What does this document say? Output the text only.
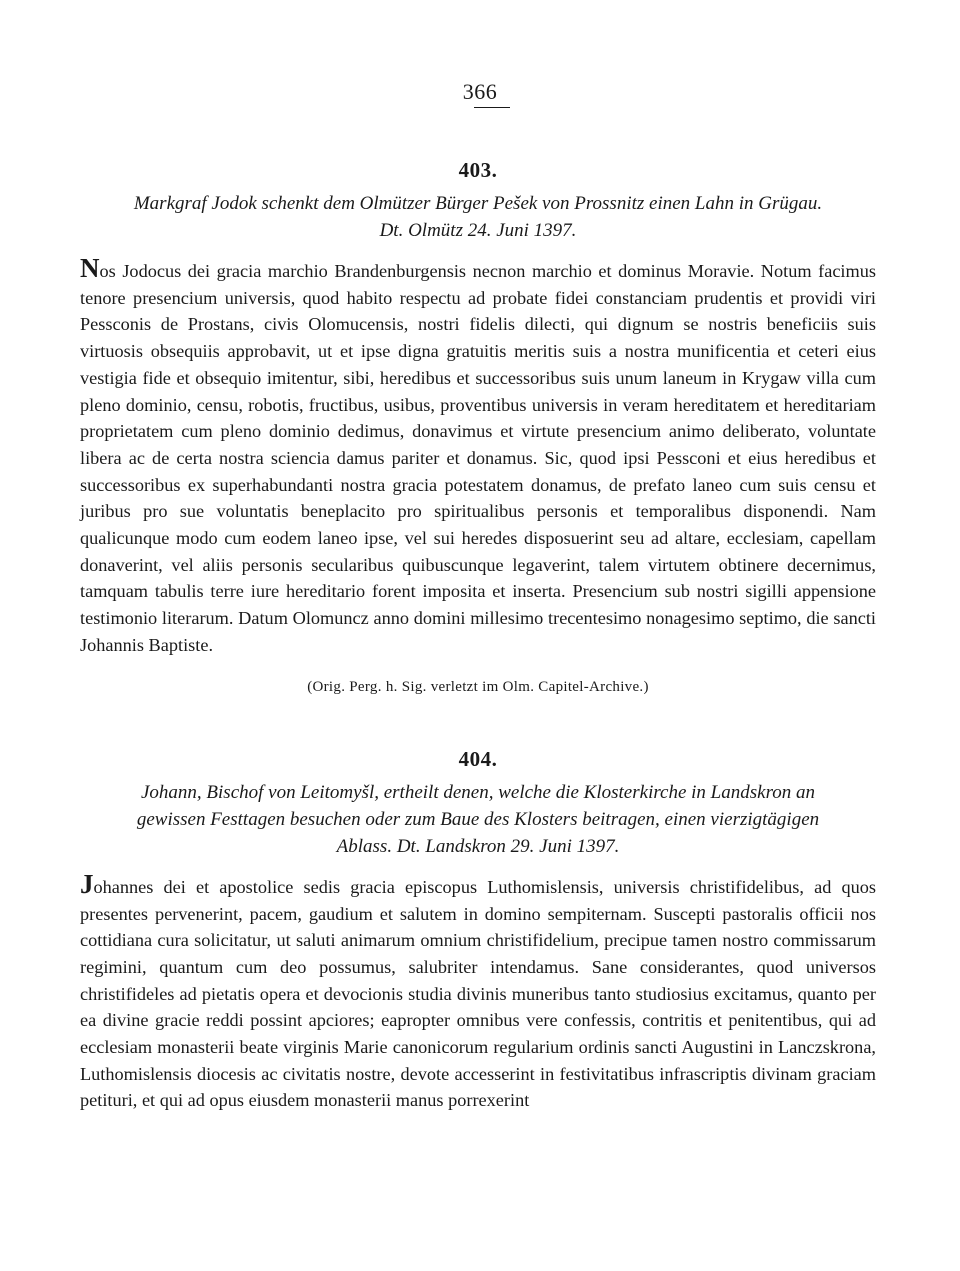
366
403.
Markgraf Jodok schenkt dem Olmützer Bürger Pešek von Prossnitz einen Lahn in Grügau.
Dt. Olmütz 24. Juni 1397.

Nos Jodocus dei gracia marchio Brandenburgensis necnon marchio et dominus Moravie. Notum facimus tenore presencium universis, quod habito respectu ad probate fidei constanciam prudentis et providi viri Pessconis de Prostans, civis Olomucensis, nostri fidelis dilecti, qui dignum se nostris beneficiis suis virtuosis obsequiis approbavit, ut et ipse digna gratuitis meritis suis a nostra munificentia et ceteri eius vestigia fide et obsequio imitentur, sibi, heredibus et successoribus suis unum laneum in Krygaw villa cum pleno dominio, censu, robotis, fructibus, usibus, proventibus universis in veram hereditatem et hereditariam proprietatem cum pleno dominio dedimus, donavimus et virtute presencium animo deliberato, voluntate libera ac de certa nostra sciencia damus pariter et donamus. Sic, quod ipsi Pessconi et eius heredibus et successoribus ex superhabundanti nostra gracia potestatem donamus, de prefato laneo cum suis censu et juribus pro sue voluntatis beneplacito pro spiritualibus personis et temporalibus disponendi. Nam qualicunque modo cum eodem laneo ipse, vel sui heredes disposuerint seu ad altare, ecclesiam, capellam donaverint, vel aliis personis secularibus quibuscunque legaverint, talem virtutem obtinere decernimus, tamquam tabulis terre iure hereditario forent imposita et inserta. Presencium sub nostri sigilli appensione testimonio literarum. Datum Olomuncz anno domini millesimo trecentesimo nonagesimo septimo, die sancti Johannis Baptiste.

(Orig. Perg. h. Sig. verletzt im Olm. Capitel-Archive.)
404.
Johann, Bischof von Leitomyšl, ertheilt denen, welche die Klosterkirche in Landskron an
gewissen Festtagen besuchen oder zum Baue des Klosters beitragen, einen vierzigtägigen
Ablass. Dt. Landskron 29. Juni 1397.

Johannes dei et apostolice sedis gracia episcopus Luthomislensis, universis christifidelibus, ad quos presentes pervenerint, pacem, gaudium et salutem in domino sempiternam. Suscepti pastoralis officii nos cottidiana cura solicitatur, ut saluti animarum omnium christifidelium, precipue tamen nostro commissarum regimini, quantum cum deo possumus, salubriter intendamus. Sane considerantes, quod universos christifideles ad pietatis opera et devocionis studia divinis muneribus tanto studiosius excitamus, quanto per ea divine gracie reddi possint apciores; eapropter omnibus vere confessis, contritis et penitentibus, qui ad ecclesiam monasterii beate virginis Marie canonicorum regularium ordinis sancti Augustini in Lanczskrona, Luthomislensis diocesis ac civitatis nostre, devote accesserint in festivitatibus infrascriptis divinam graciam petituri, et qui ad opus eiusdem monasterii manus porrexerint
